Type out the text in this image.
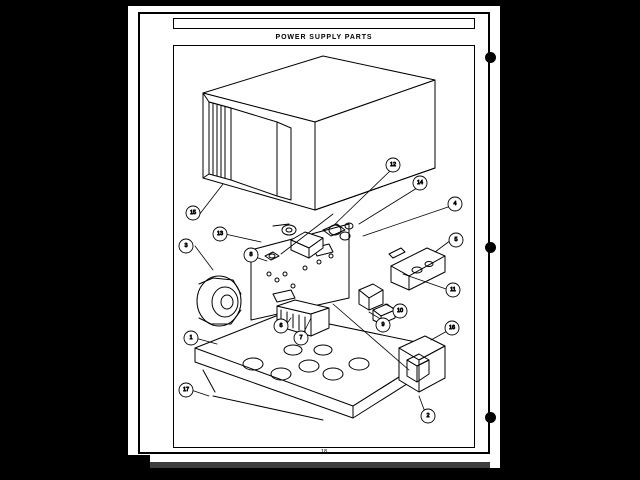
POWER SUPPLY PARTS
1
2
3
4
5
6
7
8
9
10
11
12
13
14
15
16
17
18
